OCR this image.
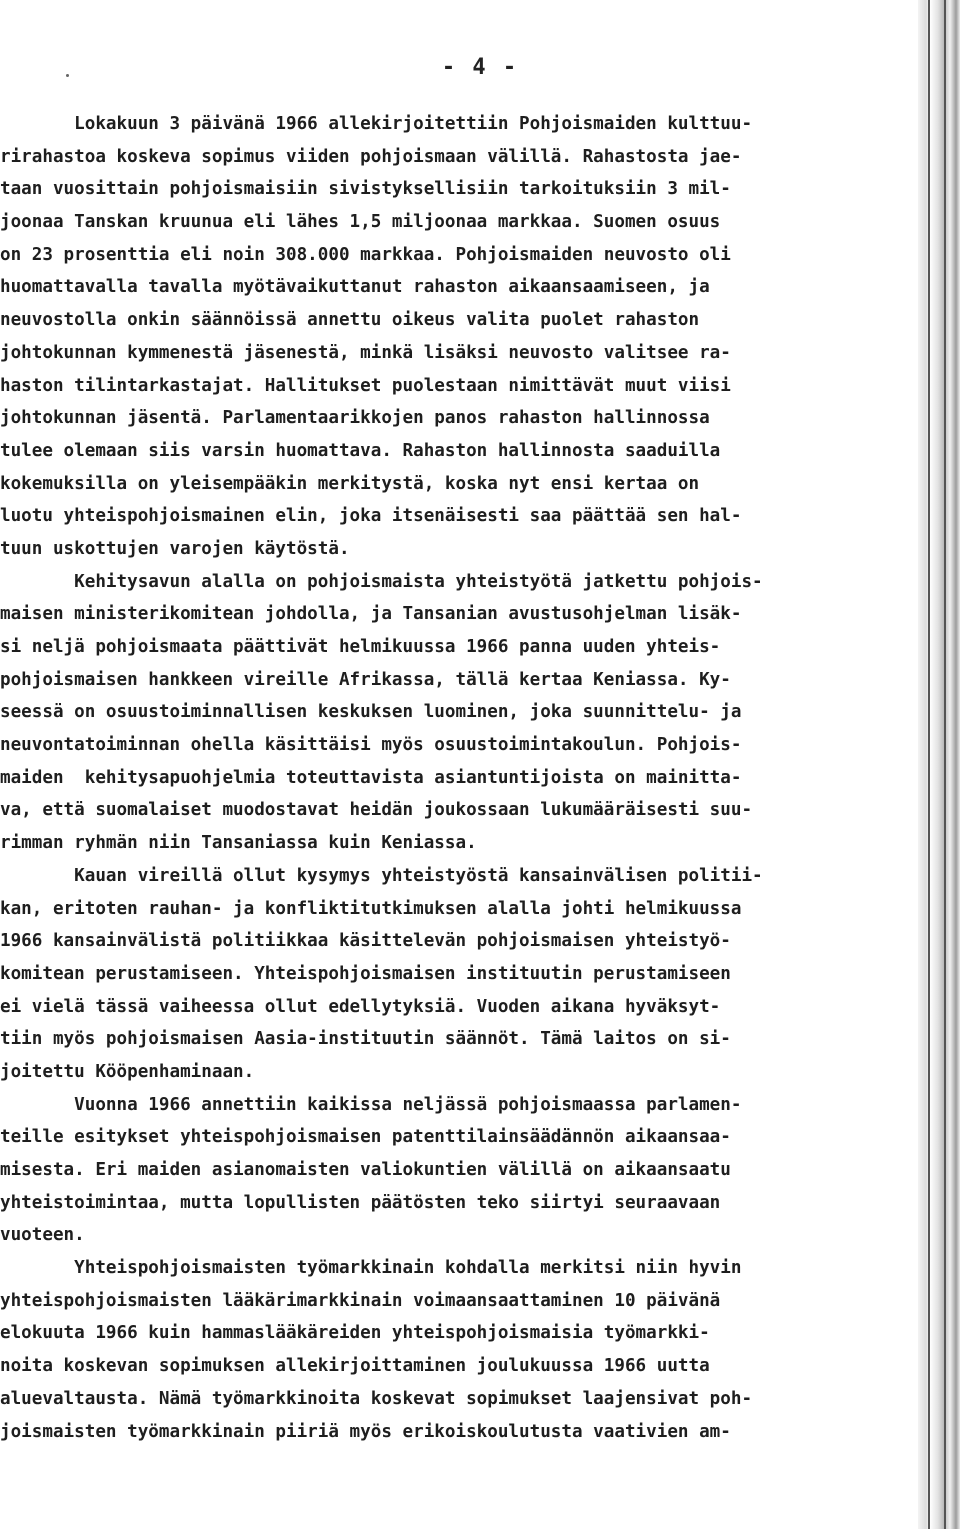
- 4 -
Lokakuun 3 päivänä 1966 allekirjoitettiin Pohjoismaiden kulttuu-
rirahastoa koskeva sopimus viiden pohjoismaan välillä. Rahastosta jae-
taan vuosittain pohjoismaisiin sivistyksellisiin tarkoituksiin 3 mil-
joonaa Tanskan kruunua eli lähes 1,5 miljoonaa markkaa. Suomen osuus
on 23 prosenttia eli noin 308.000 markkaa. Pohjoismaiden neuvosto oli
huomattavalla tavalla myötävaikuttanut rahaston aikaansaamiseen, ja
neuvostolla onkin säännöissä annettu oikeus valita puolet rahaston
johtokunnan kymmenestä jäsenestä, minkä lisäksi neuvosto valitsee ra-
haston tilintarkastajat. Hallitukset puolestaan nimittävät muut viisi
johtokunnan jäsentä. Parlamentaarikkojen panos rahaston hallinnossa
tulee olemaan siis varsin huomattava. Rahaston hallinnosta saaduilla
kokemuksilla on yleisempääkin merkitystä, koska nyt ensi kertaa on
luotu yhteispohjoismainen elin, joka itsenäisesti saa päättää sen hal-
tuun uskottujen varojen käytöstä.
Kehitysavun alalla on pohjoismaista yhteistyötä jatkettu pohjois-
maisen ministerikomitean johdolla, ja Tansanian avustusohjelman lisäk-
si neljä pohjoismaata päättivät helmikuussa 1966 panna uuden yhteis-
pohjoismaisen hankkeen vireille Afrikassa, tällä kertaa Keniassa. Ky-
seessä on osuustoiminnallisen keskuksen luominen, joka suunnittelu- ja
neuvontatoiminnan ohella käsittäisi myös osuustoimintakoulun. Pohjois-
maiden  kehitysapuohjelmia toteuttavista asiantuntijoista on mainitta-
va, että suomalaiset muodostavat heidän joukossaan lukumääräisesti suu-
rimman ryhmän niin Tansaniassa kuin Keniassa.
Kauan vireillä ollut kysymys yhteistyöstä kansainvälisen politii-
kan, eritoten rauhan- ja konfliktitutkimuksen alalla johti helmikuussa
1966 kansainvälistä politiikkaa käsittelevän pohjoismaisen yhteistyö-
komitean perustamiseen. Yhteispohjoismaisen instituutin perustamiseen
ei vielä tässä vaiheessa ollut edellytyksiä. Vuoden aikana hyväksyt-
tiin myös pohjoismaisen Aasia-instituutin säännöt. Tämä laitos on si-
joitettu Kööpenhaminaan.
Vuonna 1966 annettiin kaikissa neljässä pohjoismaassa parlamen-
teille esitykset yhteispohjoismaisen patenttilainsäädännön aikaansaa-
misesta. Eri maiden asianomaisten valiokuntien välillä on aikaansaatu
yhteistoimintaa, mutta lopullisten päätösten teko siirtyi seuraavaan
vuoteen.
Yhteispohjoismaisten työmarkkinain kohdalla merkitsi niin hyvin
yhteispohjoismaisten lääkärimarkkinain voimaansaattaminen 10 päivänä
elokuuta 1966 kuin hammaslääkäreiden yhteispohjoismaisia työmarkki-
noita koskevan sopimuksen allekirjoittaminen joulukuussa 1966 uutta
aluevaltausta. Nämä työmarkkinoita koskevat sopimukset laajensivat poh-
joismaisten työmarkkinain piiriä myös erikoiskoulutusta vaativien am-
